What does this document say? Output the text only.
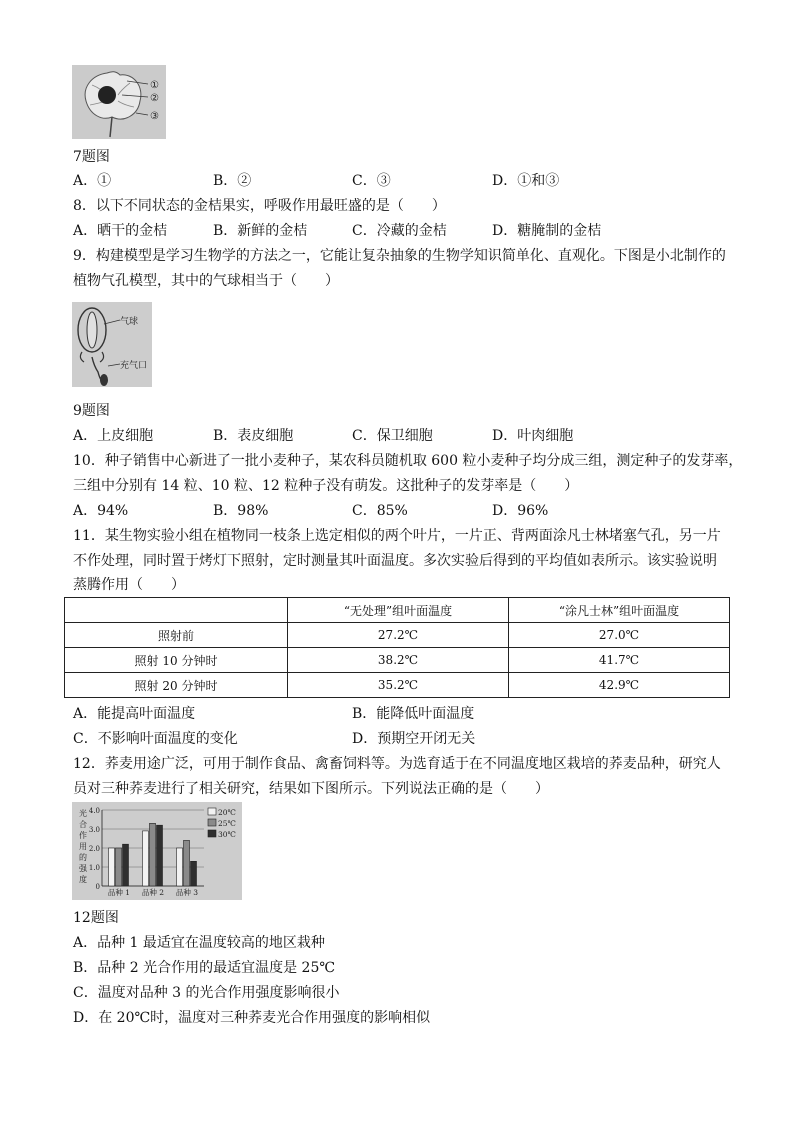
①
②
③
7题图
A．①	B．②	C．③	D．①和③
8．以下不同状态的金桔果实，呼吸作用最旺盛的是（　　）
A．晒干的金桔	B．新鲜的金桔	C．冷藏的金桔	D．糖腌制的金桔
9．构建模型是学习生物学的方法之一，它能让复杂抽象的生物学知识简单化、直观化。下图是小北制作的
植物气孔模型，其中的气球相当于（　　）
气球
充气口
9题图
A．上皮细胞	B．表皮细胞	C．保卫细胞	D．叶肉细胞
10．种子销售中心新进了一批小麦种子，某农科员随机取 600 粒小麦种子均分成三组，测定种子的发芽率，
三组中分别有 14 粒、10 粒、12 粒种子没有萌发。这批种子的发芽率是（　　）
A．94%	B．98%	C．85%	D．96%
11．某生物实验小组在植物同一枝条上选定相似的两个叶片，一片正、背两面涂凡士林堵塞气孔，另一片
不作处理，同时置于烤灯下照射，定时测量其叶面温度。多次实验后得到的平均值如表所示。该实验说明
蒸腾作用（　　）
	“无处理”组叶面温度	“涂凡士林”组叶面温度
照射前	27.2℃	27.0℃
照射 10 分钟时	38.2℃	41.7℃
照射 20 分钟时	35.2℃	42.9℃
A．能提高叶面温度	B．能降低叶面温度
C．不影响叶面温度的变化	D．预期空开闭无关
12．荞麦用途广泛，可用于制作食品、禽畜饲料等。为选育适于在不同温度地区栽培的荞麦品种，研究人
员对三种荞麦进行了相关研究，结果如下图所示。下列说法正确的是（　　）
光
合
作
用
的
强
度
0
1.0
2.0
3.0
4.0
品种 1 品种 2 品种 3
20℃
25℃
30℃
12题图
A．品种 1 最适宜在温度较高的地区栽种
B．品种 2 光合作用的最适宜温度是 25℃
C．温度对品种 3 的光合作用强度影响很小
D．在 20℃时，温度对三种荞麦光合作用强度的影响相似
